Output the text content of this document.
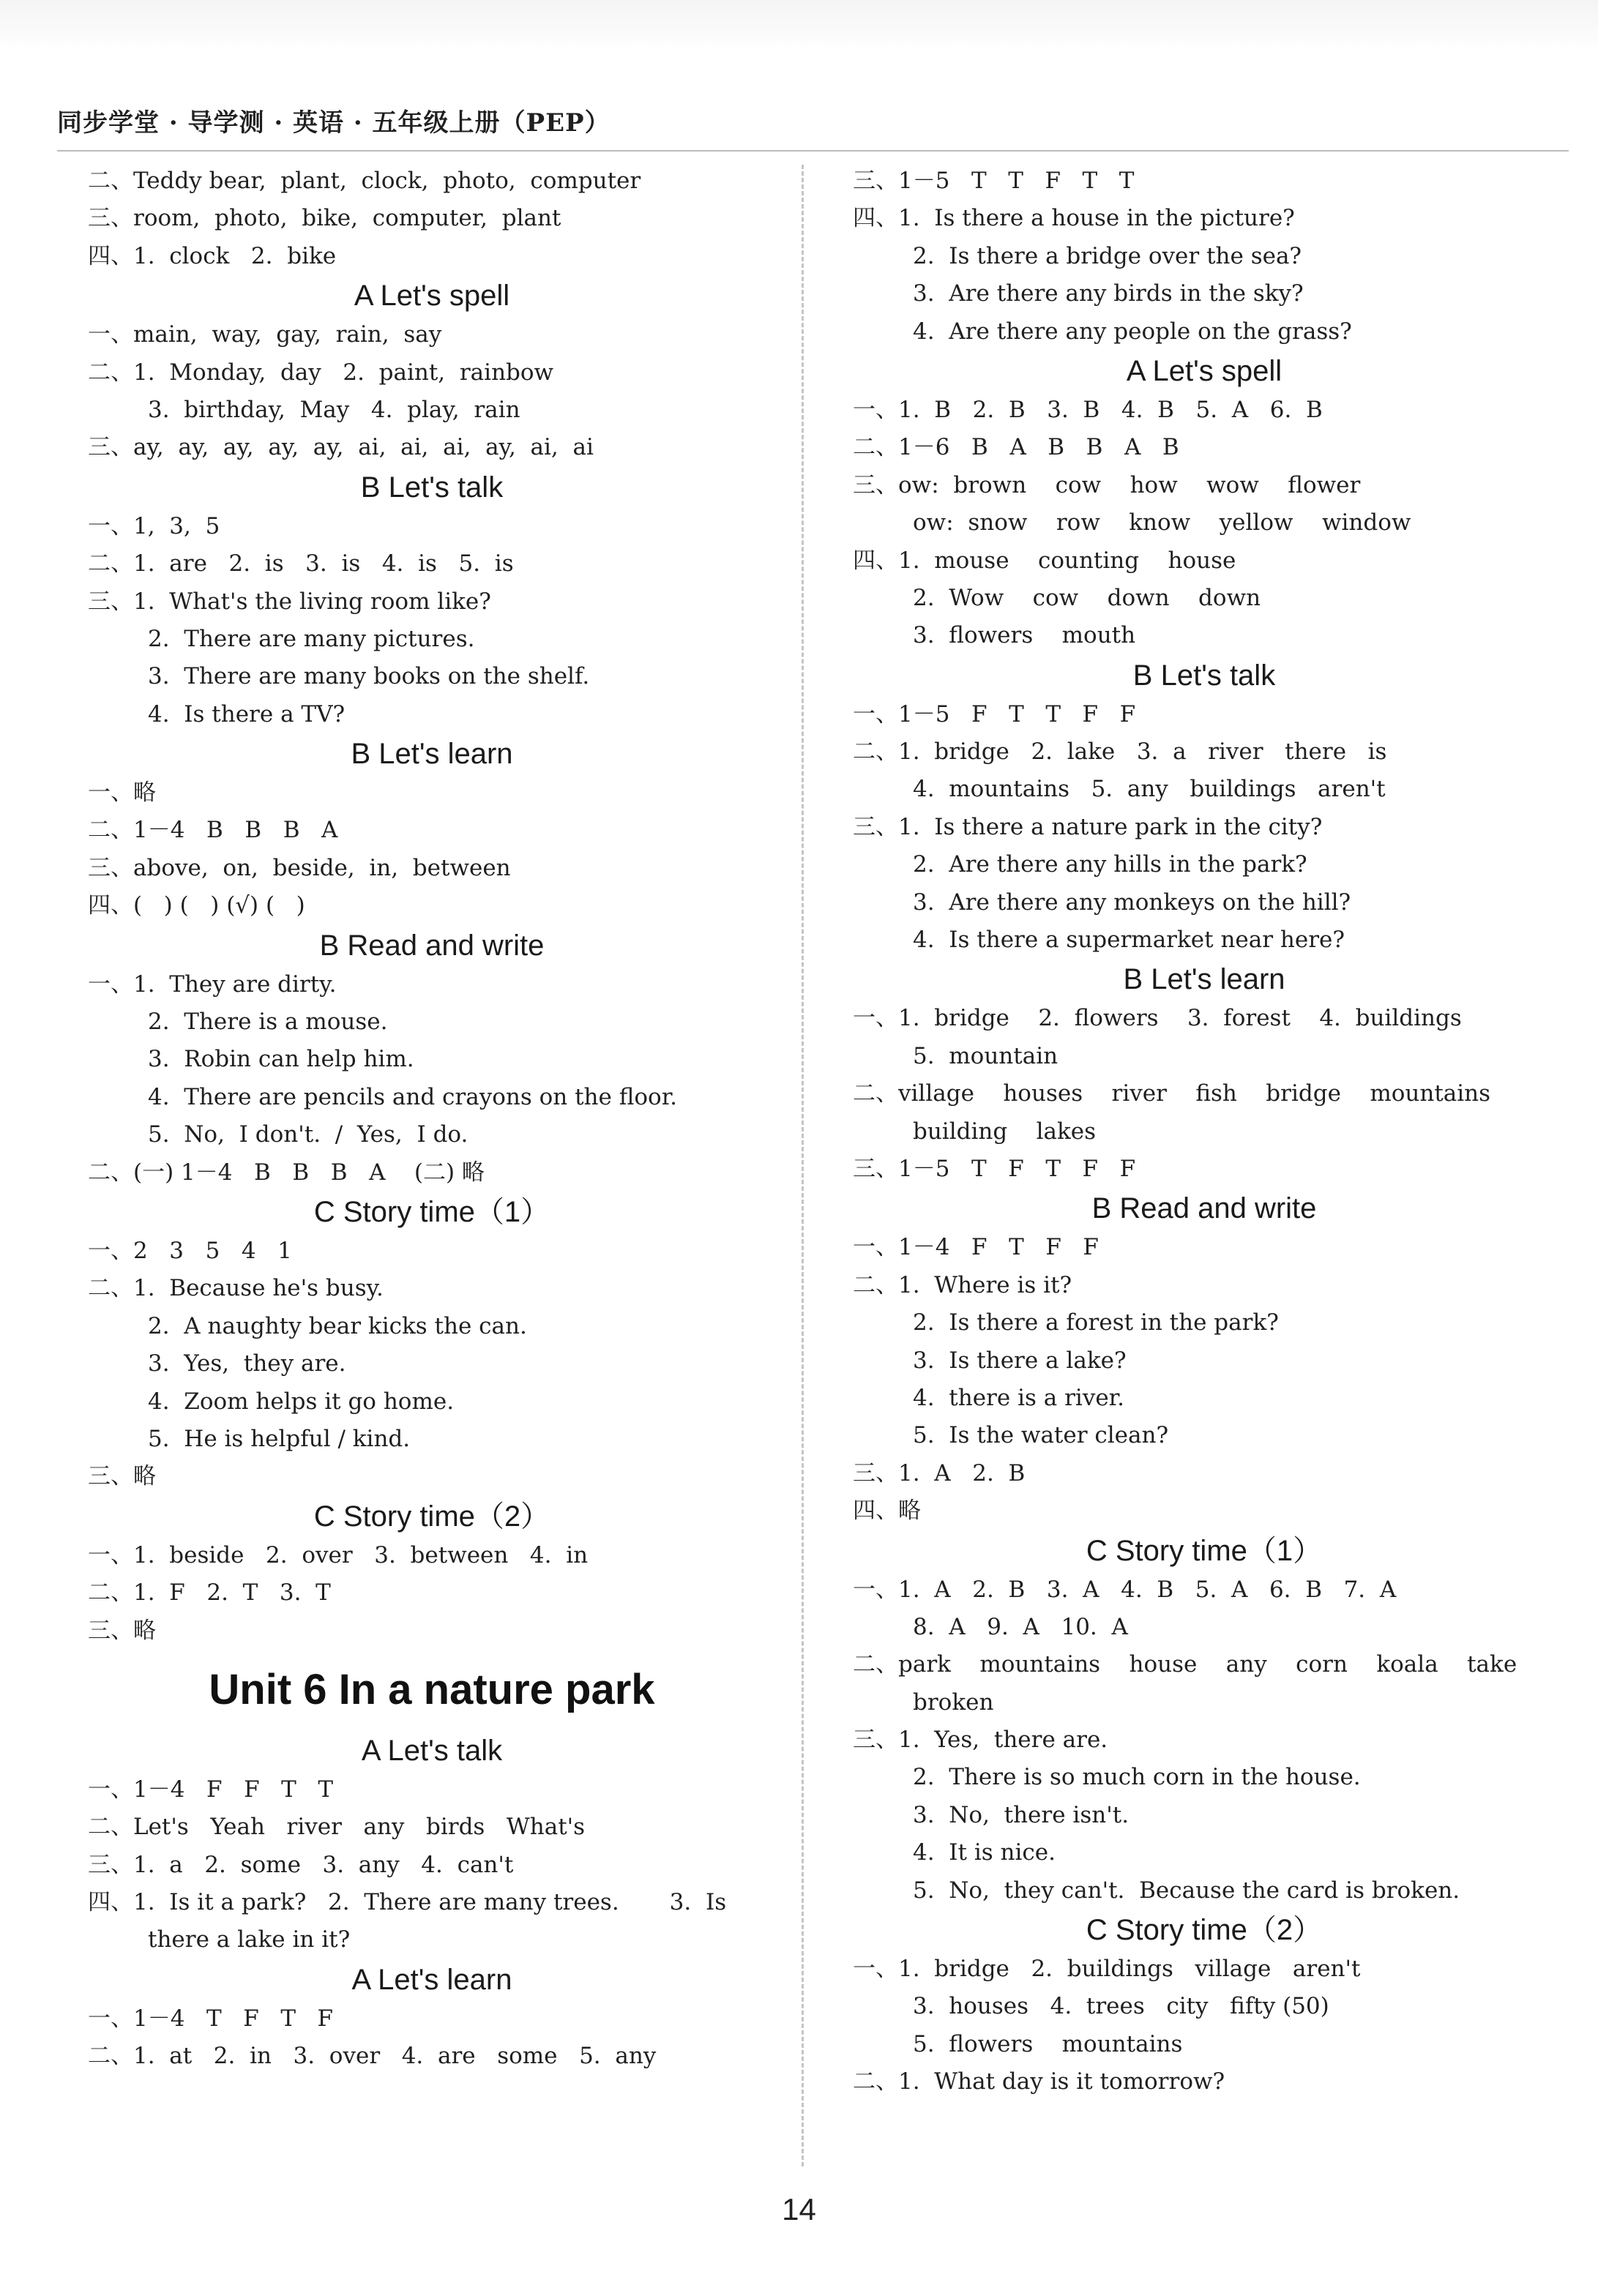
同步学堂 · 导学测 · 英语 · 五年级上册（PEP）
二、Teddy bear,  plant,  clock,  photo,  computer
三、room,  photo,  bike,  computer,  plant
四、1.  clock   2.  bike
A Let's spell
一、main,  way,  gay,  rain,  say
二、1.  Monday,  day   2.  paint,  rainbow
3.  birthday,  May   4.  play,  rain
三、ay,  ay,  ay,  ay,  ay,  ai,  ai,  ai,  ay,  ai,  ai
B Let's talk
一、1,  3,  5
二、1.  are   2.  is   3.  is   4.  is   5.  is
三、1.  What's the living room like?
2.  There are many pictures.
3.  There are many books on the shelf.
4.  Is there a TV?
B Let's learn
一、略
二、1－4   B   B   B   A
三、above,  on,  beside,  in,  between
四、(   ) (   ) (√) (   )
B Read and write
一、1.  They are dirty.
2.  There is a mouse.
3.  Robin can help him.
4.  There are pencils and crayons on the floor.
5.  No,  I don't.  /  Yes,  I do.
二、(一) 1－4   B   B   B   A    (二) 略
C Story time（1）
一、2   3   5   4   1
二、1.  Because he's busy.
2.  A naughty bear kicks the can.
3.  Yes,  they are.
4.  Zoom helps it go home.
5.  He is helpful / kind.
三、略
C Story time（2）
一、1.  beside   2.  over   3.  between   4.  in
二、1.  F   2.  T   3.  T
三、略
Unit 6 In a nature park
A Let's talk
一、1－4   F   F   T   T
二、Let's   Yeah   river   any   birds   What's
三、1.  a   2.  some   3.  any   4.  can't
四、1.  Is it a park?   2.  There are many trees.       3.  Is
there a lake in it?
A Let's learn
一、1－4   T   F   T   F
二、1.  at   2.  in   3.  over   4.  are   some   5.  any
三、1－5   T   T   F   T   T
四、1.  Is there a house in the picture?
2.  Is there a bridge over the sea?
3.  Are there any birds in the sky?
4.  Are there any people on the grass?
A Let's spell
一、1.  B   2.  B   3.  B   4.  B   5.  A   6.  B
二、1－6   B   A   B   B   A   B
三、ow:  brown    cow    how    wow    flower
ow:  snow    row    know    yellow    window
四、1.  mouse    counting    house
2.  Wow    cow    down    down
3.  flowers    mouth
B Let's talk
一、1－5   F   T   T   F   F
二、1.  bridge   2.  lake   3.  a   river   there   is
4.  mountains   5.  any   buildings   aren't
三、1.  Is there a nature park in the city?
2.  Are there any hills in the park?
3.  Are there any monkeys on the hill?
4.  Is there a supermarket near here?
B Let's learn
一、1.  bridge    2.  flowers    3.  forest    4.  buildings
5.  mountain
二、village    houses    river    fish    bridge    mountains
building    lakes
三、1－5   T   F   T   F   F
B Read and write
一、1－4   F   T   F   F
二、1.  Where is it?
2.  Is there a forest in the park?
3.  Is there a lake?
4.  there is a river.
5.  Is the water clean?
三、1.  A   2.  B
四、略
C Story time（1）
一、1.  A   2.  B   3.  A   4.  B   5.  A   6.  B   7.  A
8.  A   9.  A   10.  A
二、park    mountains    house    any    corn    koala    take
broken
三、1.  Yes,  there are.
2.  There is so much corn in the house.
3.  No,  there isn't.
4.  It is nice.
5.  No,  they can't.  Because the card is broken.
C Story time（2）
一、1.  bridge   2.  buildings   village   aren't
3.  houses   4.  trees   city   fifty (50)
5.  flowers    mountains
二、1.  What day is it tomorrow?
14
